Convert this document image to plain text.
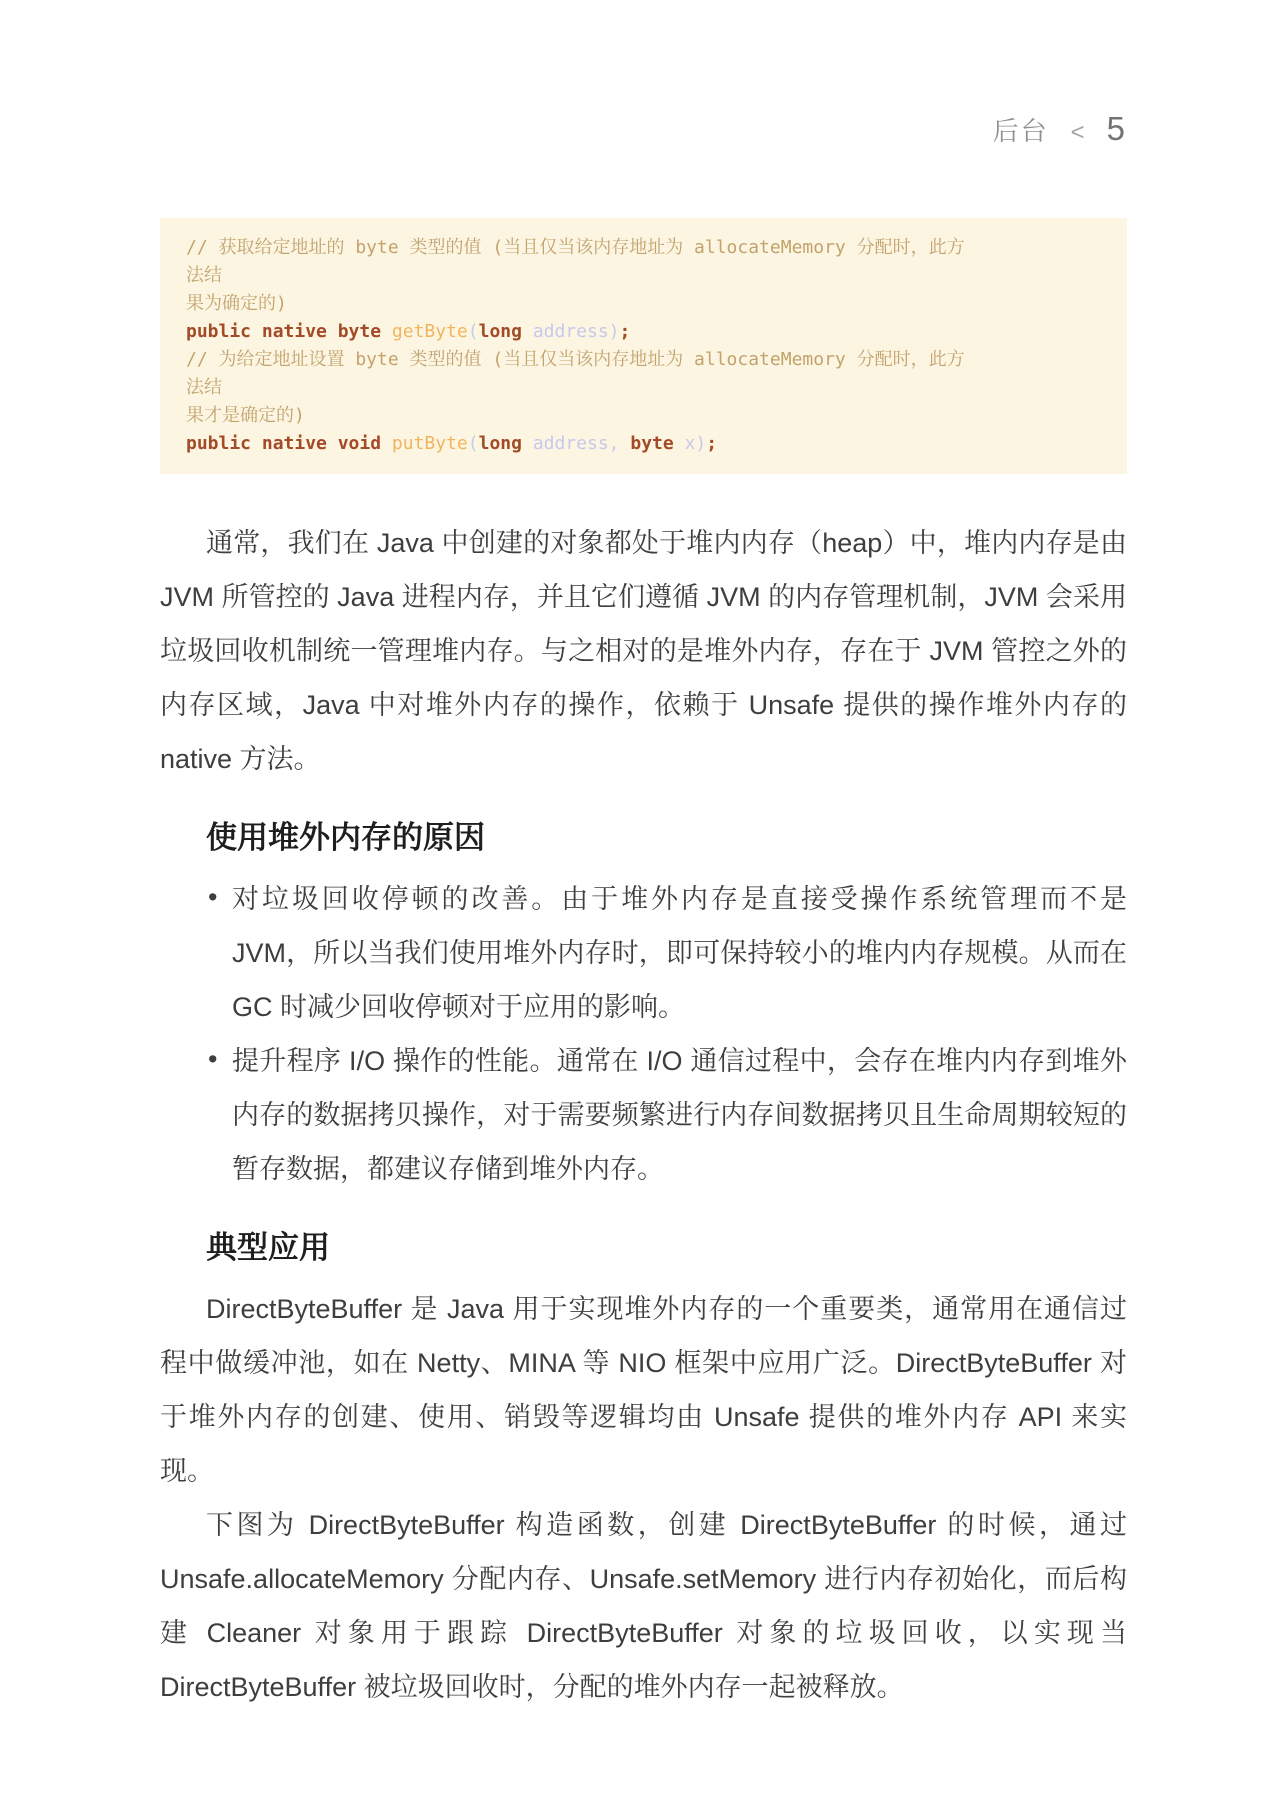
后台 < 5
// 获取给定地址的 byte 类型的值 (当且仅当该内存地址为 allocateMemory 分配时，此方
法结
果为确定的)
public native byte getByte(long address);
// 为给定地址设置 byte 类型的值 (当且仅当该内存地址为 allocateMemory 分配时，此方
法结
果才是确定的)
public native void putByte(long address, byte x);

通常，我们在 Java 中创建的对象都处于堆内内存（heap）中，堆内内存是由 JVM 所管控的 Java 进程内存，并且它们遵循 JVM 的内存管理机制，JVM 会采用垃圾回收机制统一管理堆内存。与之相对的是堆外内存，存在于 JVM 管控之外的内存区域，Java 中对堆外内存的操作，依赖于 Unsafe 提供的操作堆外内存的 native 方法。

使用堆外内存的原因
• 对垃圾回收停顿的改善。由于堆外内存是直接受操作系统管理而不是 JVM，所以当我们使用堆外内存时，即可保持较小的堆内内存规模。从而在 GC 时减少回收停顿对于应用的影响。
• 提升程序 I/O 操作的性能。通常在 I/O 通信过程中，会存在堆内内存到堆外内存的数据拷贝操作，对于需要频繁进行内存间数据拷贝且生命周期较短的暂存数据，都建议存储到堆外内存。
典型应用

DirectByteBuffer 是 Java 用于实现堆外内存的一个重要类，通常用在通信过程中做缓冲池，如在 Netty、MINA 等 NIO 框架中应用广泛。DirectByteBuffer 对于堆外内存的创建、使用、销毁等逻辑均由 Unsafe 提供的堆外内存 API 来实现。

下图为 DirectByteBuffer 构造函数，创建 DirectByteBuffer 的时候，通过 Unsafe.allocateMemory 分配内存、Unsafe.setMemory 进行内存初始化，而后构建 Cleaner 对象用于跟踪 DirectByteBuffer 对象的垃圾回收，以实现当 DirectByteBuffer 被垃圾回收时，分配的堆外内存一起被释放。
